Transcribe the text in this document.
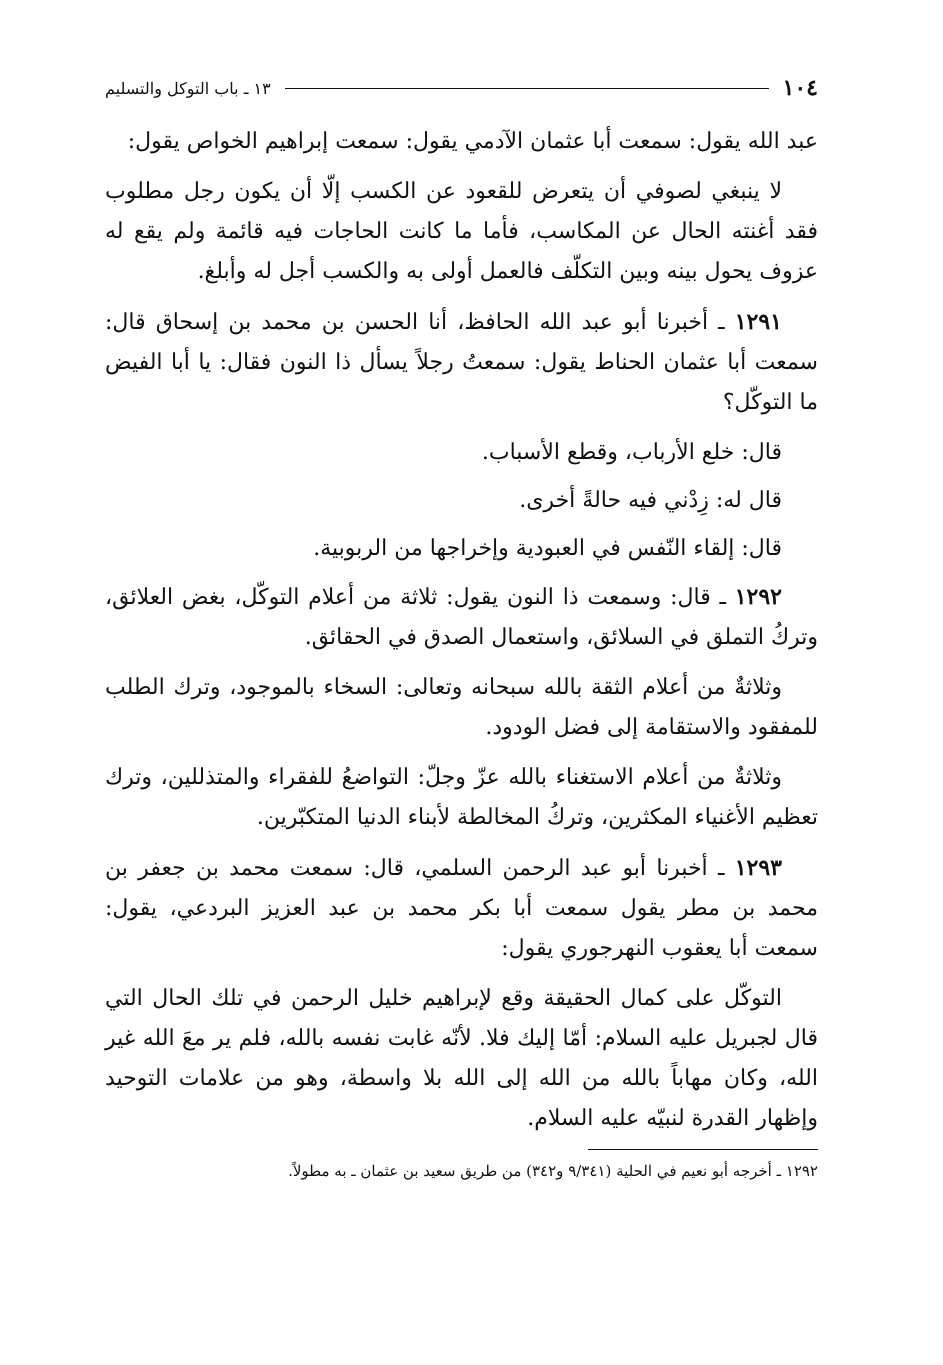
١٠٤
١٣ ـ باب التوكل والتسليم

عبد الله يقول: سمعت أبا عثمان الآدمي يقول: سمعت إبراهيم الخواص يقول:

لا ينبغي لصوفي أن يتعرض للقعود عن الكسب إلّا أن يكون رجل مطلوب فقد أغنته الحال عن المكاسب، فأما ما كانت الحاجات فيه قائمة ولم يقع له عزوف يحول بينه وبين التكلّف فالعمل أولى به والكسب أجل له وأبلغ.

١٢٩١ ـ أخبرنا أبو عبد الله الحافظ، أنا الحسن بن محمد بن إسحاق قال: سمعت أبا عثمان الحناط يقول: سمعتُ رجلاً يسأل ذا النون فقال: يا أبا الفيض ما التوكّل؟

قال: خلع الأرباب، وقطع الأسباب.

قال له: زِدْني فيه حالةً أخرى.

قال: إلقاء النّفس في العبودية وإخراجها من الربوبية.

١٢٩٢ ـ قال: وسمعت ذا النون يقول: ثلاثة من أعلام التوكّل، بغض العلائق، وتركُ التملق في السلائق، واستعمال الصدق في الحقائق.

وثلاثةٌ من أعلام الثقة بالله سبحانه وتعالى: السخاء بالموجود، وترك الطلب للمفقود والاستقامة إلى فضل الودود.

وثلاثةٌ من أعلام الاستغناء بالله عزّ وجلّ: التواضعُ للفقراء والمتذللين، وترك تعظيم الأغنياء المكثرين، وتركُ المخالطة لأبناء الدنيا المتكبّرين.

١٢٩٣ ـ أخبرنا أبو عبد الرحمن السلمي، قال: سمعت محمد بن جعفر بن محمد بن مطر يقول سمعت أبا بكر محمد بن عبد العزيز البردعي، يقول: سمعت أبا يعقوب النهرجوري يقول:

التوكّل على كمال الحقيقة وقع لإبراهيم خليل الرحمن في تلك الحال التي قال لجبريل عليه السلام: أمّا إليك فلا. لأنّه غابت نفسه بالله، فلم ير معَ الله غير الله، وكان مهاباً بالله من الله إلى الله بلا واسطة، وهو من علامات التوحيد وإظهار القدرة لنبيّه عليه السلام.

١٢٩٢ ـ أخرجه أبو نعيم في الحلية (٩/٣٤١ و٣٤٢) من طريق سعيد بن عثمان ـ به مطولاً.
